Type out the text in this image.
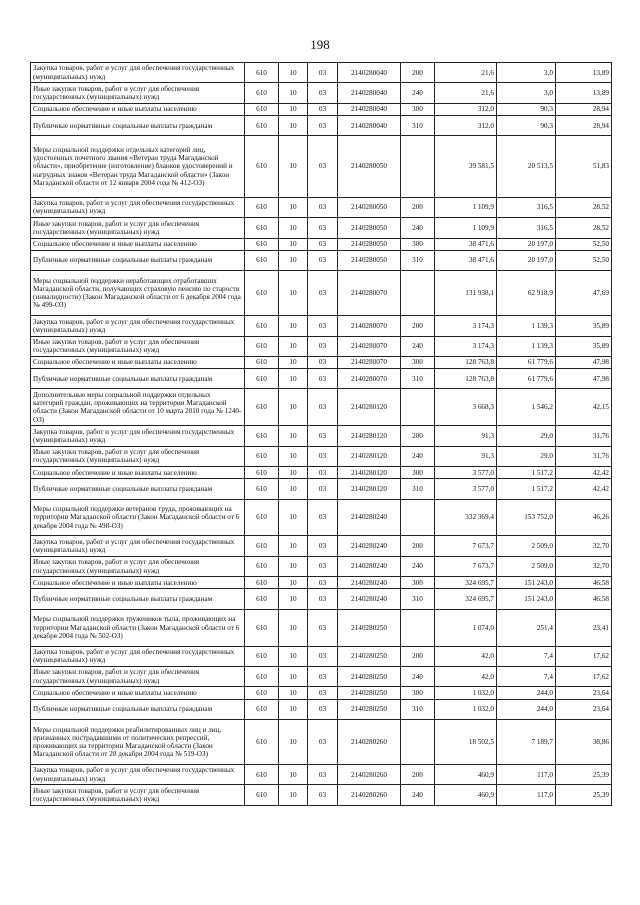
198
Закупка товаров, работ и услуг для обеспечения государственных (муниципальных) нужд	610	10	03	2140280040	200	21,6	3,0	13,89
Иные закупки товаров, работ и услуг для обеспечения государственных (муниципальных) нужд	610	10	03	2140280040	240	21,6	3,0	13,89
Социальное обеспечение и иные выплаты населению	610	10	03	2140280040	300	312,0	90,3	28,94
Публичные нормативные социальные выплаты гражданам	610	10	03	2140280040	310	312,0	90,3	28,94
Меры социальной поддержки отдельных категорий лиц, удостоенных почетного звания «Ветеран труда Магаданской области», приобретение (изготовление) бланков удостоверений и нагрудных знаков «Ветеран труда Магаданской области» (Закон Магаданской области от 12 января 2004 года № 412-ОЗ)	610	10	03	2140280050		39 581,5	20 513,5	51,83
Закупка товаров, работ и услуг для обеспечения государственных (муниципальных) нужд	610	10	03	2140280050	200	1 109,9	316,5	28,52
Иные закупки товаров, работ и услуг для обеспечения государственных (муниципальных) нужд	610	10	03	2140280050	240	1 109,9	316,5	28,52
Социальное обеспечение и иные выплаты населению	610	10	03	2140280050	300	38 471,6	20 197,0	52,50
Публичные нормативные социальные выплаты гражданам	610	10	03	2140280050	310	38 471,6	20 197,0	52,50
Меры социальной поддержки неработающих отработавших Магаданской области, получающих страховую пенсию по старости (инвалидности) (Закон Магаданской области от 6 декабря 2004 года № 499-ОЗ)	610	10	03	2140280070		131 938,1	62 918,9	47,69
Закупка товаров, работ и услуг для обеспечения государственных (муниципальных) нужд	610	10	03	2140280070	200	3 174,3	1 139,3	35,89
Иные закупки товаров, работ и услуг для обеспечения государственных (муниципальных) нужд	610	10	03	2140280070	240	3 174,3	1 139,3	35,89
Социальное обеспечение и иные выплаты населению	610	10	03	2140280070	300	128 763,8	61 779,6	47,98
Публичные нормативные социальные выплаты гражданам	610	10	03	2140280070	310	128 763,8	61 779,6	47,98
Дополнительные меры социальной поддержки отдельных категорий граждан, проживающих на территории Магаданской области (Закон Магаданской области от 10 марта 2010 года № 1240-ОЗ)	610	10	03	2140280120		3 668,3	1 546,2	42,15
Закупка товаров, работ и услуг для обеспечения государственных (муниципальных) нужд	610	10	03	2140280120	200	91,3	29,0	31,76
Иные закупки товаров, работ и услуг для обеспечения государственных (муниципальных) нужд	610	10	03	2140280120	240	91,3	29,0	31,76
Социальное обеспечение и иные выплаты населению	610	10	03	2140280120	300	3 577,0	1 517,2	42,42
Публичные нормативные социальные выплаты гражданам	610	10	03	2140280120	310	3 577,0	1 517,2	42,42
Меры социальной поддержки ветеранов труда, проживающих на территории Магаданской области (Закон Магаданской области от 6 декабря 2004 года № 498-ОЗ)	610	10	03	2140280240		332 369,4	153 752,0	46,26
Закупка товаров, работ и услуг для обеспечения государственных (муниципальных) нужд	610	10	03	2140280240	200	7 673,7	2 509,0	32,70
Иные закупки товаров, работ и услуг для обеспечения государственных (муниципальных) нужд	610	10	03	2140280240	240	7 673,7	2 509,0	32,70
Социальное обеспечение и иные выплаты населению	610	10	03	2140280240	300	324 695,7	151 243,0	46,58
Публичные нормативные социальные выплаты гражданам	610	10	03	2140280240	310	324 695,7	151 243,0	46,58
Меры социальной поддержки тружеников тыла, проживающих на территории Магаданской области (Закон Магаданской области от 6 декабря 2004 года № 502-ОЗ)	610	10	03	2140280250		1 074,0	251,4	23,41
Закупка товаров, работ и услуг для обеспечения государственных (муниципальных) нужд	610	10	03	2140280250	200	42,0	7,4	17,62
Иные закупки товаров, работ и услуг для обеспечения государственных (муниципальных) нужд	610	10	03	2140280250	240	42,0	7,4	17,62
Социальное обеспечение и иные выплаты населению	610	10	03	2140280250	300	1 032,0	244,0	23,64
Публичные нормативные социальные выплаты гражданам	610	10	03	2140280250	310	1 032,0	244,0	23,64
Меры социальной поддержки реабилитированных лиц и лиц, признанных пострадавшими от политических репрессий, проживающих на территории Магаданской области (Закон Магаданской области от 28 декабря 2004 года № 519-ОЗ)	610	10	03	2140280260		18 502,5	7 189,7	38,86
Закупка товаров, работ и услуг для обеспечения государственных (муниципальных) нужд	610	10	03	2140280260	200	460,9	117,0	25,39
Иные закупки товаров, работ и услуг для обеспечения государственных (муниципальных) нужд	610	10	03	2140280260	240	460,9	117,0	25,39
